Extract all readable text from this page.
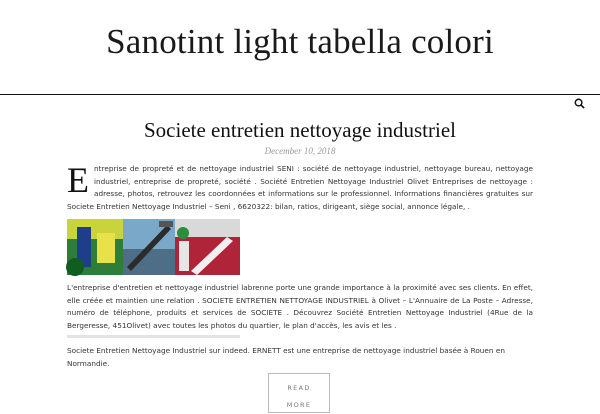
Sanotint light tabella colori
Societe entretien nettoyage industriel
December 10, 2018
E ntreprise de propreté et de nettoyage industriel SENI : société de nettoyage industriel, nettoyage bureau, nettoyage industriel, entreprise de propreté, société . Société Entretien Nettoyage Industriel Olivet Entreprises de nettoyage : adresse, photos, retrouvez les coordonnées et informations sur le professionnel. Informations financières gratuites sur Societe Entretien Nettoyage Industriel – Seni , 6620322: bilan, ratios, dirigeant, siège social, annonce légale, .
L'entreprise d'entretien et nettoyage industriel labrenne porte une grande importance à la proximité avec ses clients. En effet, elle créée et maintien une relation . SOCIETE ENTRETIEN NETTOYAGE INDUSTRIEL à Olivet – L'Annuaire de La Poste – Adresse, numéro de téléphone, produits et services de SOCIETE . Découvrez Société Entretien Nettoyage Industriel (4Rue de la Bergeresse, 451Olivet) avec toutes les photos du quartier, le plan d'accès, les avis et les .
Societe Entretien Nettoyage Industriel sur indeed. ERNETT est une entreprise de nettoyage industriel basée à Rouen en Normandie.
READ
MORE
